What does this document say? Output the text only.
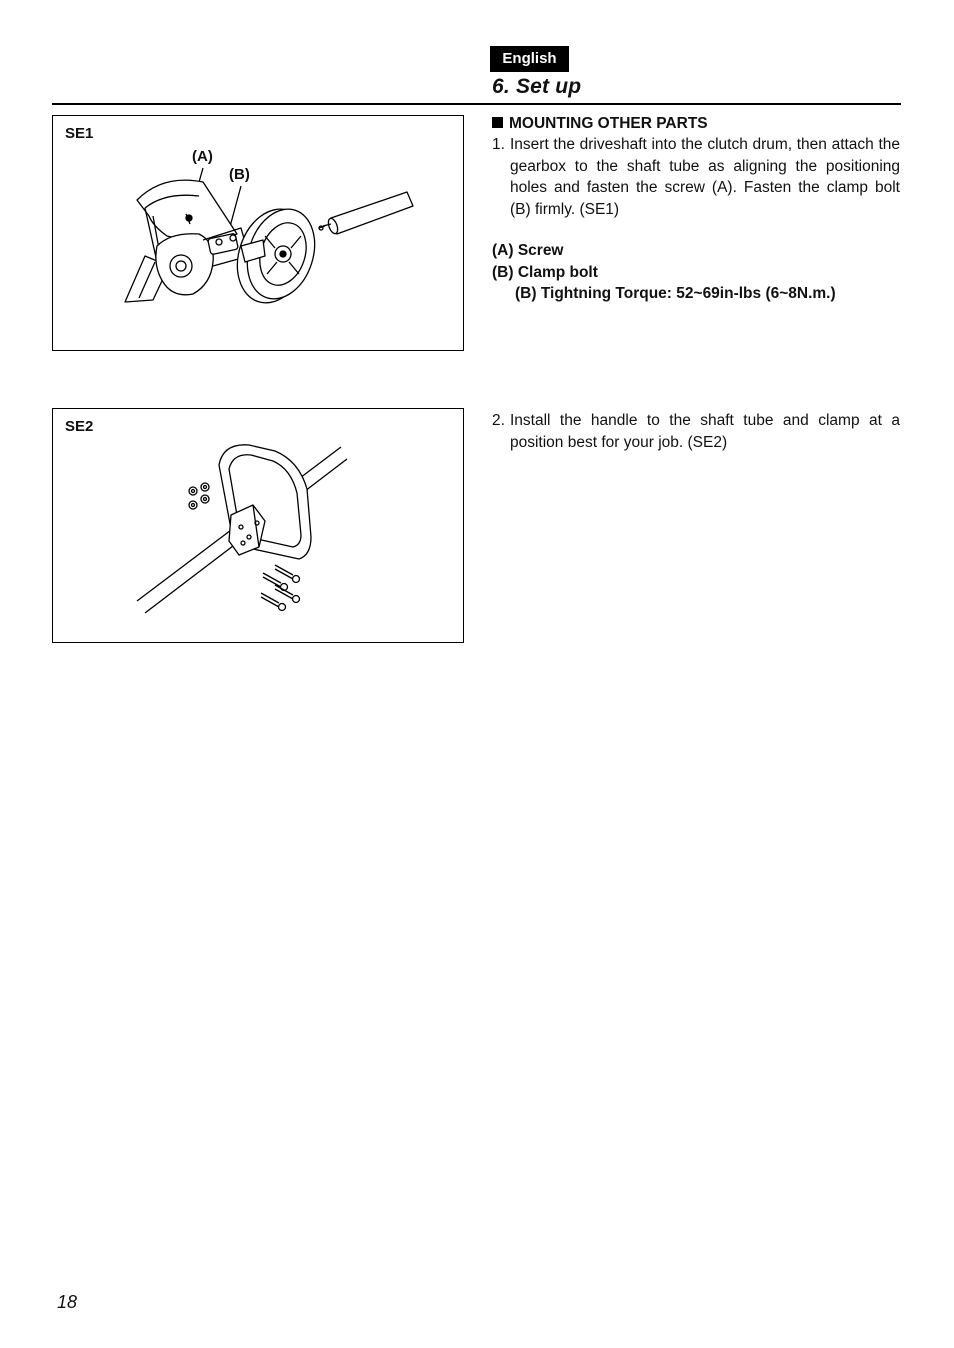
English
6. Set up
SE1
(A)
(B)
SE2
MOUNTING OTHER PARTS
1. Insert the driveshaft into the clutch drum, then attach the gearbox to the shaft tube as aligning the positioning holes and fasten the screw (A). Fasten the clamp bolt (B) firmly. (SE1)
(A) Screw
(B) Clamp bolt
(B) Tightning Torque: 52~69in-lbs (6~8N.m.)
2. Install the handle to the shaft tube and clamp at a position best for your job. (SE2)
18
